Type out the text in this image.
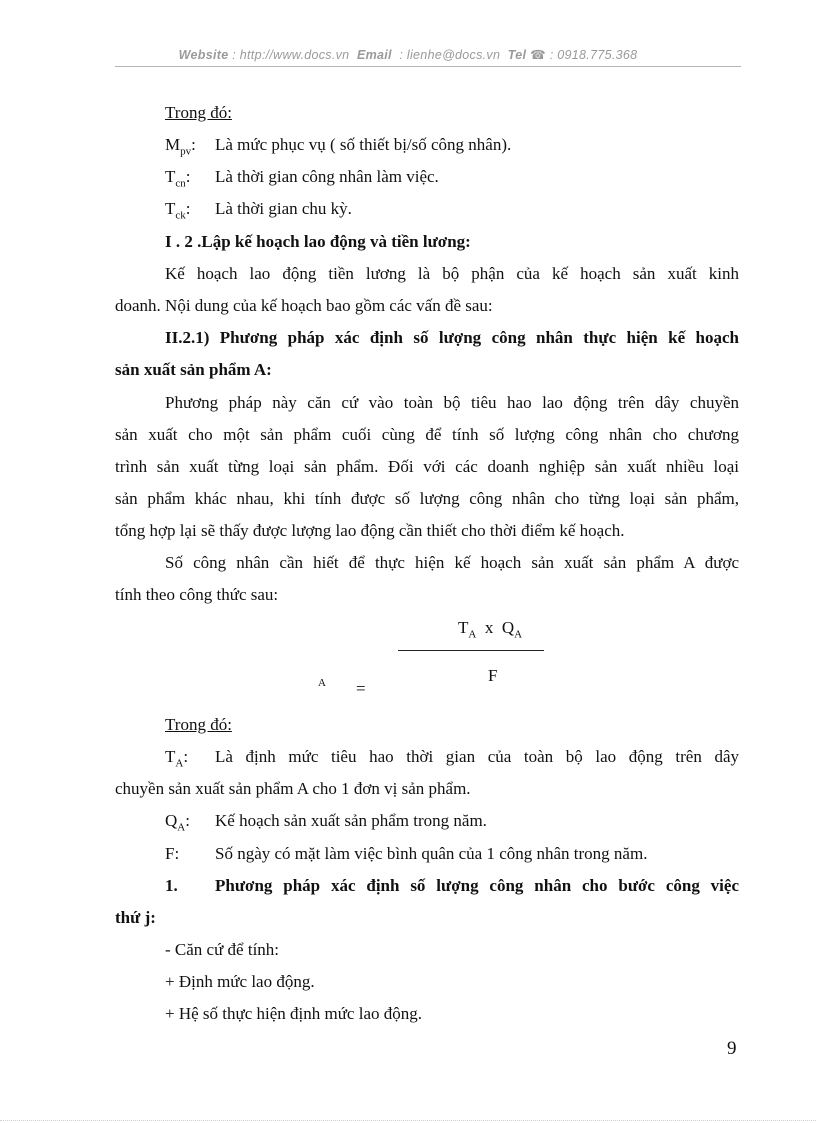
Website : http://www.docs.vn Email : lienhe@docs.vn Tel ☎ : 0918.775.368
Trong đó:
$M_{pv}$: Là mức phục vụ ( số thiết bị/số công nhân).
$T_{cn}$: Là thời gian công nhân làm việc.
$T_{ck}$: Là thời gian chu kỳ.
I . 2 .Lập kế hoạch lao động và tiền lương:
Kế hoạch lao động tiền lương là bộ phận của kế hoạch sản xuất kinh
doanh. Nội dung của kế hoạch bao gồm các vấn đề sau:
II.2.1) Phương pháp xác định số lượng công nhân thực hiện kế hoạch
sản xuất sản phẩm A:
Phương pháp này căn cứ vào toàn bộ tiêu hao lao động trên dây chuyền
sản xuất cho một sản phẩm cuối cùng để tính số lượng công nhân cho chương
trình sản xuất từng loại sản phẩm. Đối với các doanh nghiệp sản xuất nhiều loại
sản phẩm khác nhau, khi tính được số lượng công nhân cho từng loại sản phẩm,
tổng hợp lại sẽ thấy được lượng lao động cần thiết cho thời điểm kế hoạch.
Số công nhân cần hiết để thực hiện kế hoạch sản xuất sản phẩm A được
tính theo công thức sau:
$T_A$ x $Q_A$
F
A =
Trong đó:
$T_A$: Là định mức tiêu hao thời gian của toàn bộ lao động trên dây
chuyền sản xuất sản phẩm A cho 1 đơn vị sản phẩm.
$Q_A$: Kế hoạch sản xuất sản phẩm trong năm.
F: Số ngày có mặt làm việc bình quân của 1 công nhân trong năm.
1.	Phương pháp xác định số lượng công nhân cho bước công việc
thứ j:
- Căn cứ để tính:
+ Định mức lao động.
+ Hệ số thực hiện định mức lao động.
9
